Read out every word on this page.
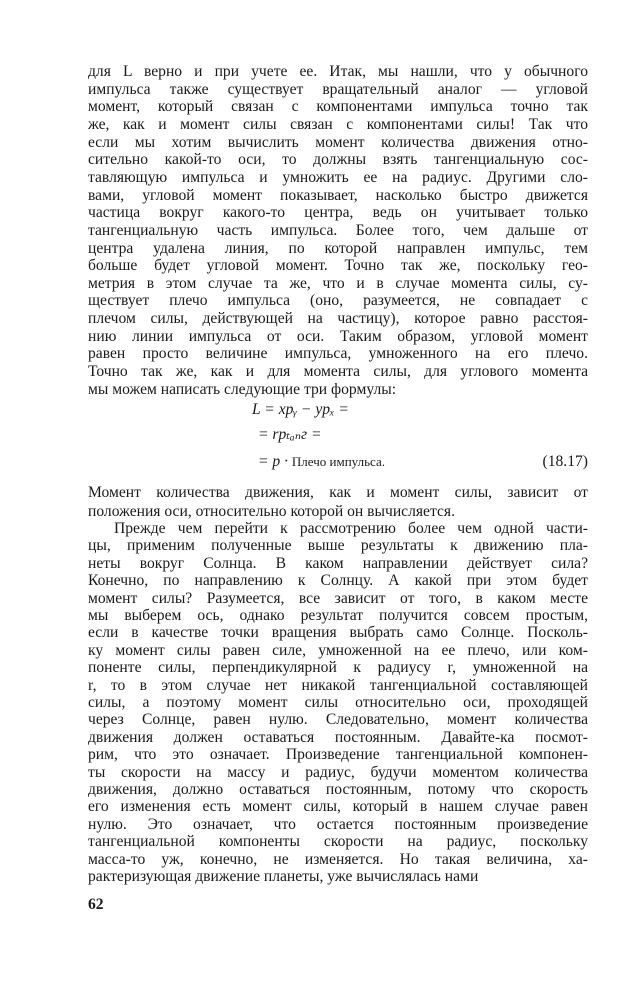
для L верно и при учете ее. Итак, мы нашли, что у обычного
импульса также существует вращательный аналог — угловой
момент, который связан с компонентами импульса точно так
же, как и момент силы связан с компонентами силы! Так что
если мы хотим вычислить момент количества движения отно-
сительно какой-то оси, то должны взять тангенциальную сос-
тавляющую импульса и умножить ее на радиус. Другими сло-
вами, угловой момент показывает, насколько быстро движется
частица вокруг какого-то центра, ведь он учитывает только
тангенциальную часть импульса. Более того, чем дальше от
центра удалена линия, по которой направлен импульс, тем
больше будет угловой момент. Точно так же, поскольку гео-
метрия в этом случае та же, что и в случае момента силы, су-
ществует плечо импульса (оно, разумеется, не совпадает с
плечом силы, действующей на частицу), которое равно расстоя-
нию линии импульса от оси. Таким образом, угловой момент
равен просто величине импульса, умноженного на его плечо.
Точно так же, как и для момента силы, для углового момента
мы можем написать следующие три формулы:
L = xpᵧ − ypₓ =
= rpₜₐₙг =
= p · Плечо импульса.	(18.17)
Момент количества движения, как и момент силы, зависит от
положения оси, относительно которой он вычисляется.
Прежде чем перейти к рассмотрению более чем одной части-
цы, применим полученные выше результаты к движению пла-
неты вокруг Солнца. В каком направлении действует сила?
Конечно, по направлению к Солнцу. А какой при этом будет
момент силы? Разумеется, все зависит от того, в каком месте
мы выберем ось, однако результат получится совсем простым,
если в качестве точки вращения выбрать само Солнце. Посколь-
ку момент силы равен силе, умноженной на ее плечо, или ком-
поненте силы, перпендикулярной к радиусу r, умноженной на
r, то в этом случае нет никакой тангенциальной составляющей
силы, а поэтому момент силы относительно оси, проходящей
через Солнце, равен нулю. Следовательно, момент количества
движения должен оставаться постоянным. Давайте-ка посмот-
рим, что это означает. Произведение тангенциальной компонен-
ты скорости на массу и радиус, будучи моментом количества
движения, должно оставаться постоянным, потому что скорость
его изменения есть момент силы, который в нашем случае равен
нулю. Это означает, что остается постоянным произведение
тангенциальной компоненты скорости на радиус, поскольку
масса-то уж, конечно, не изменяется. Но такая величина, ха-
рактеризующая движение планеты, уже вычислялась нами
62
